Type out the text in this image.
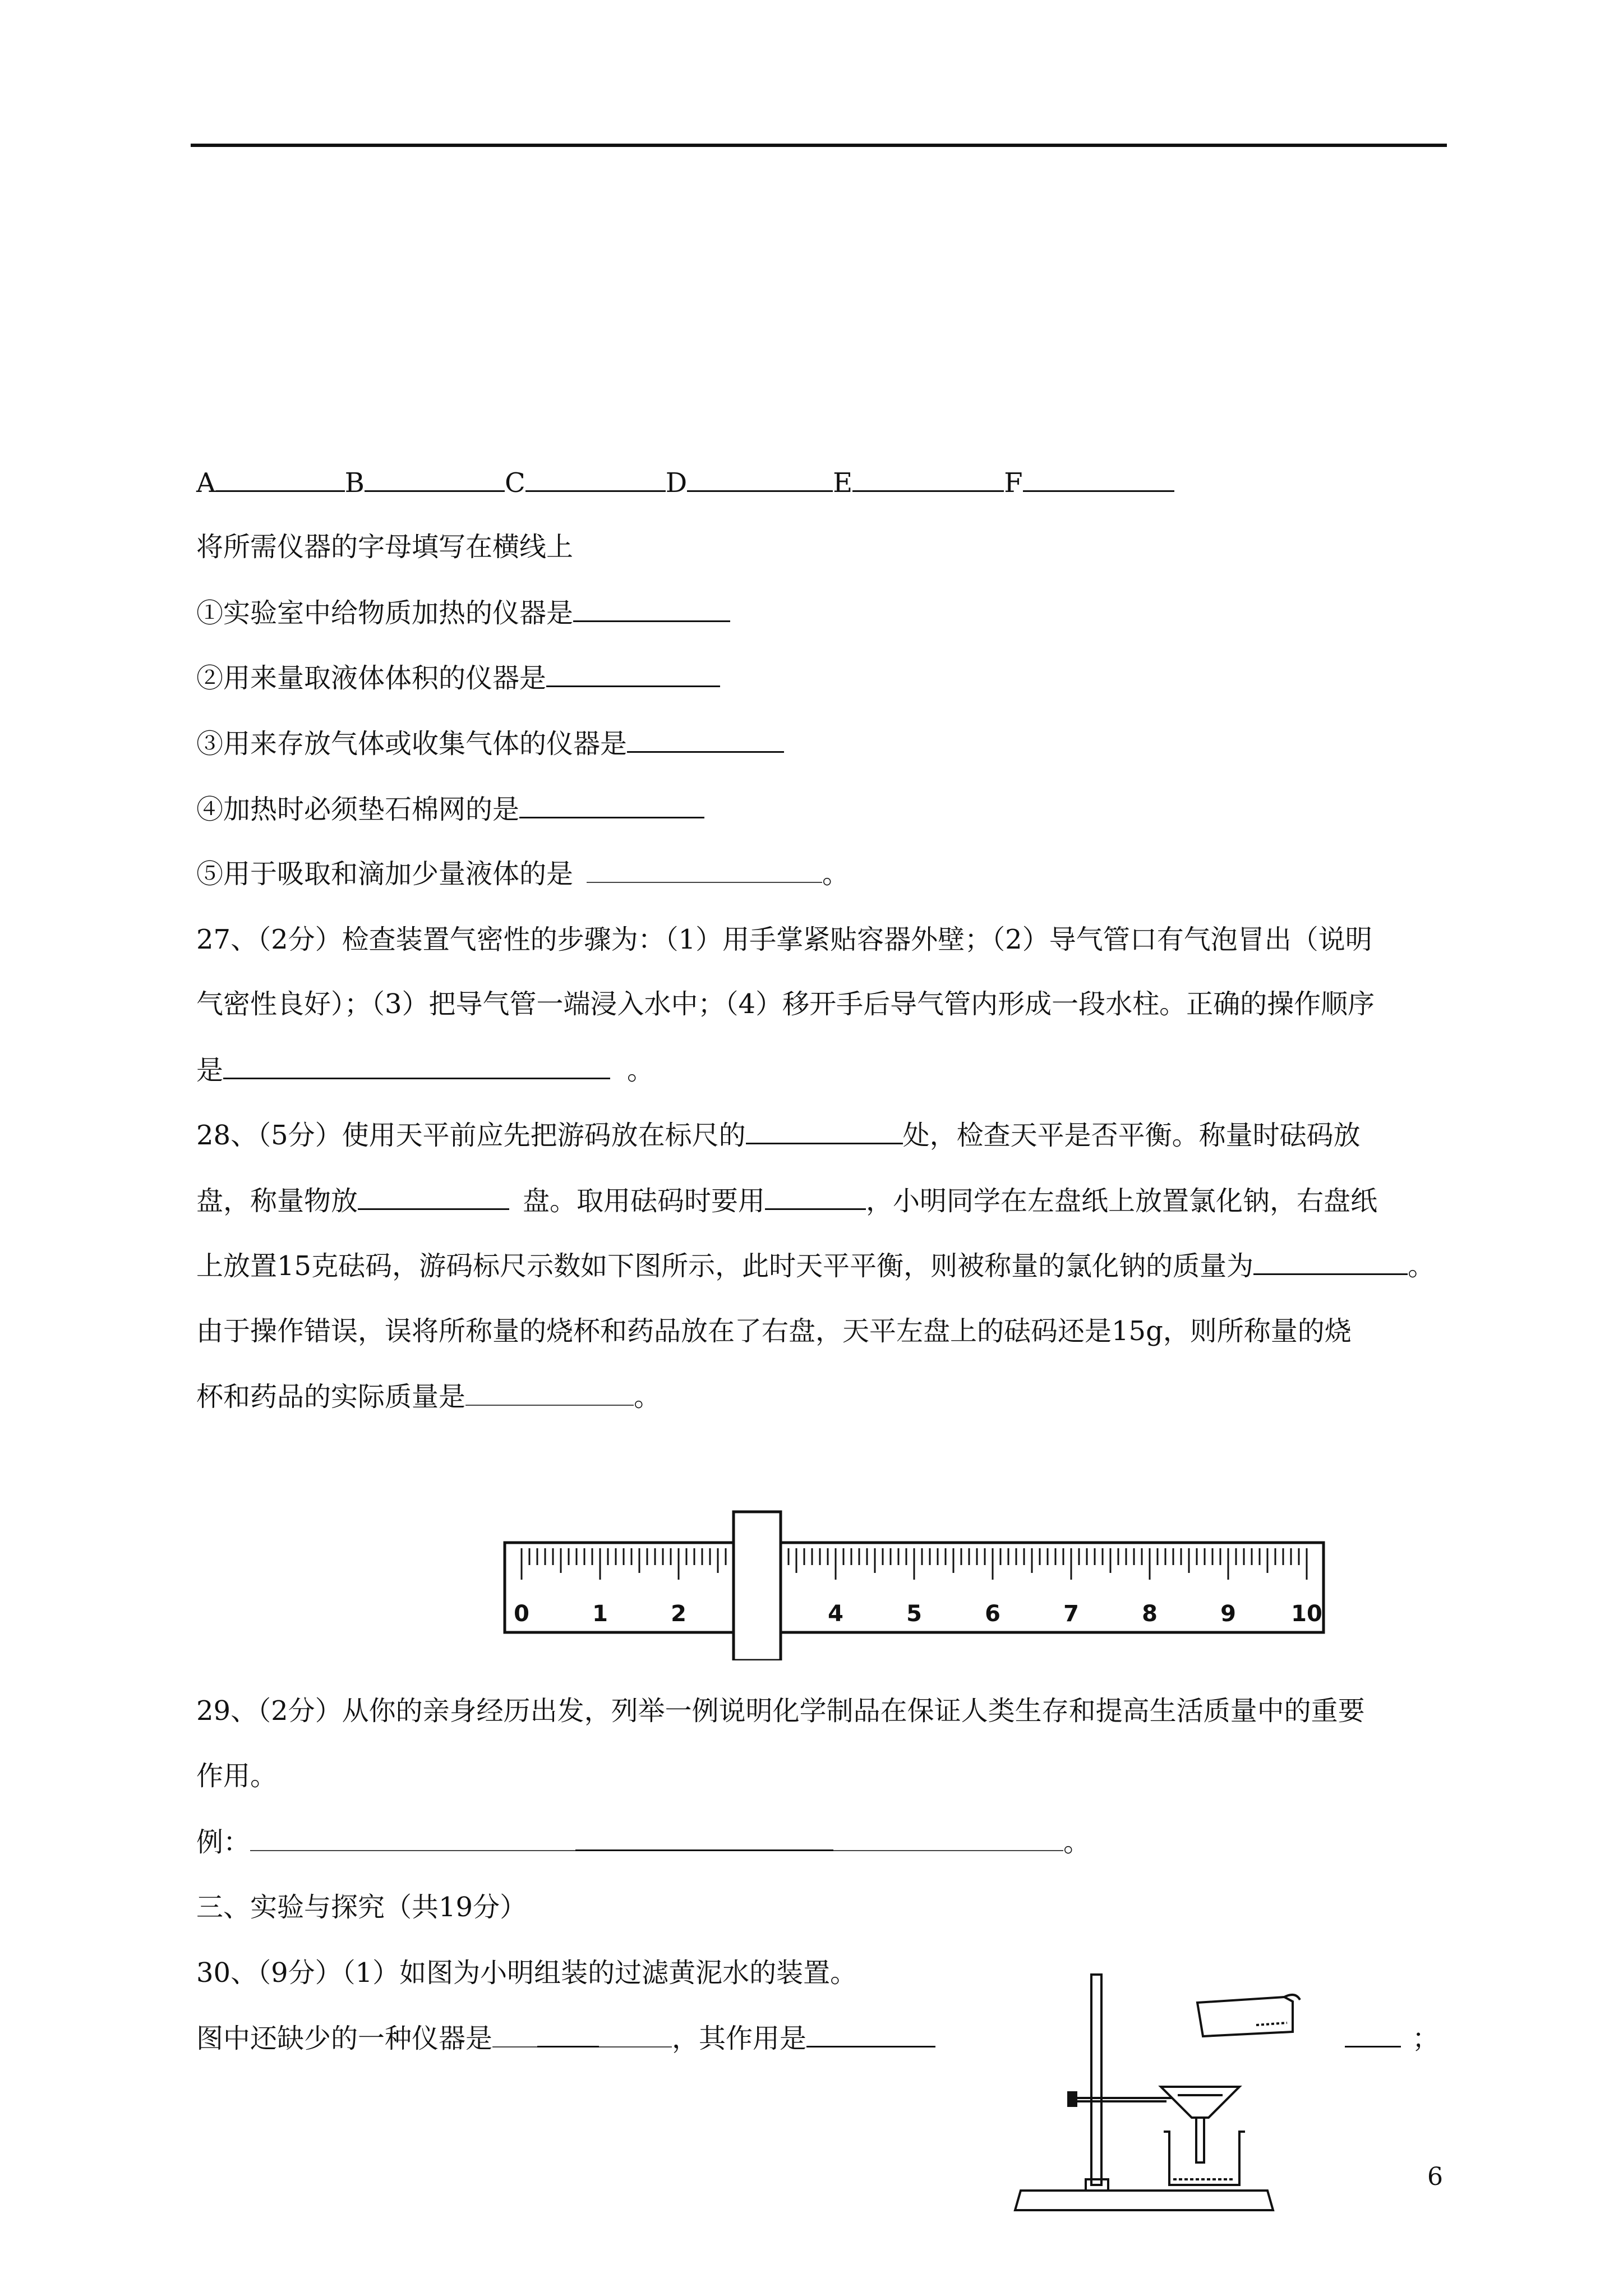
A	B	C	D	E	F
将所需仪器的字母填写在横线上
①实验室中给物质加热的仪器是
②用来量取液体体积的仪器是
③用来存放气体或收集气体的仪器是
④加热时必须垫石棉网的是
⑤用于吸取和滴加少量液体的是	。
27、（2分）检查装置气密性的步骤为：（1）用手掌紧贴容器外壁；（2）导气管口有气泡冒出（说明
气密性良好）；（3）把导气管一端浸入水中；（4）移开手后导气管内形成一段水柱。正确的操作顺序
是	。
28、（5分）使用天平前应先把游码放在标尺的	处，检查天平是否平衡。称量时砝码放
盘，称量物放	盘。取用砝码时要用	，小明同学在左盘纸上放置氯化钠，右盘纸
上放置15克砝码，游码标尺示数如下图所示，此时天平平衡，则被称量的氯化钠的质量为	。
由于操作错误，误将所称量的烧杯和药品放在了右盘，天平左盘上的砝码还是15g，则所称量的烧
杯和药品的实际质量是	。
0	1	2	4	5	6	7	8	9 10
29、（2分）从你的亲身经历出发，列举一例说明化学制品在保证人类生存和提高生活质量中的重要
作用。
例：	。
三、实验与探究（共19分）
30、（9分）（1）如图为小明组装的过滤黄泥水的装置。
图中还缺少的一种仪器是	，其作用是	；
6
